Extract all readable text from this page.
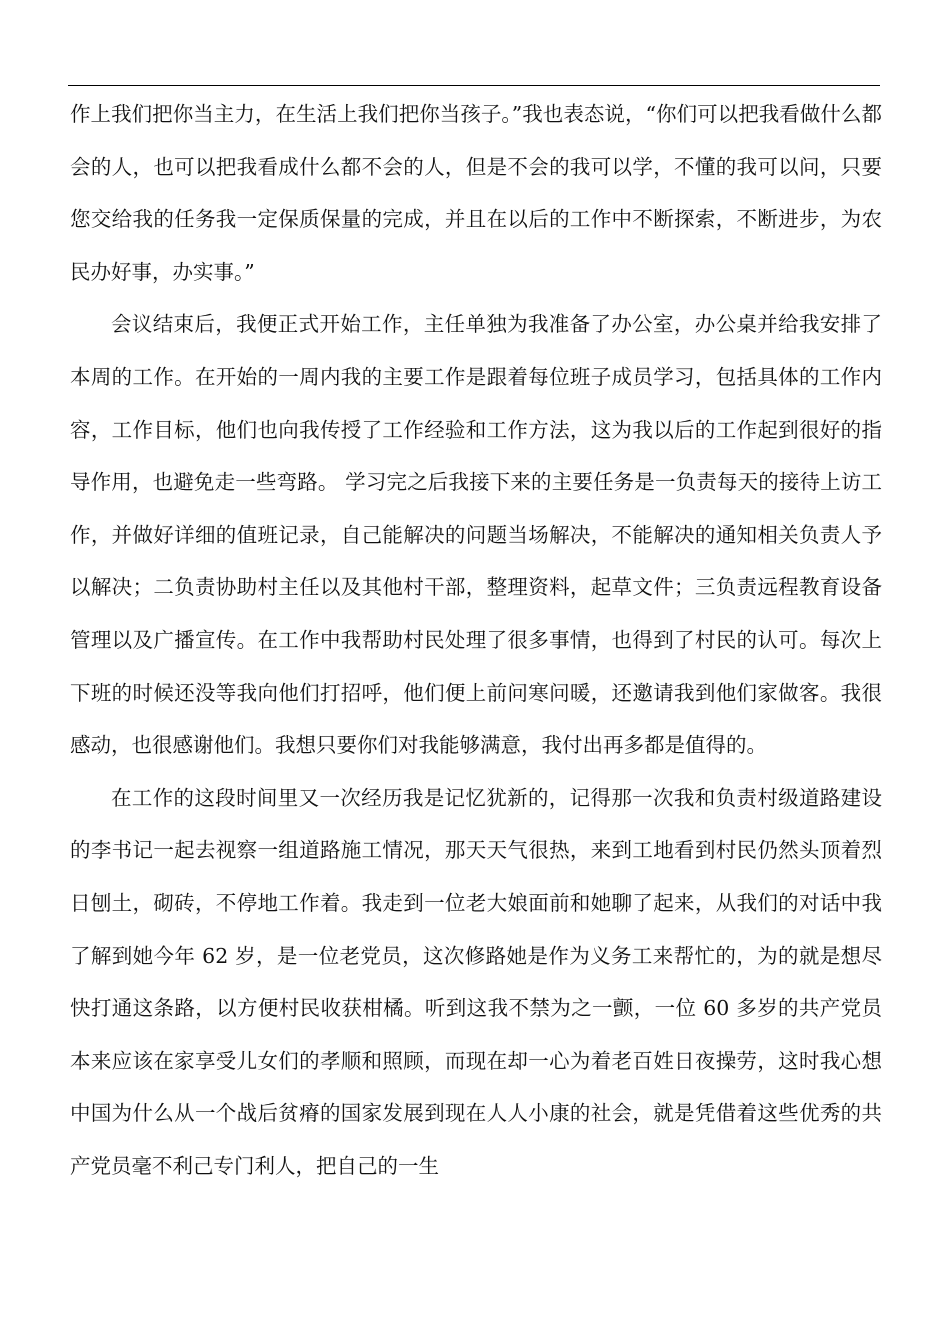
作上我们把你当主力，在生活上我们把你当孩子。”我也表态说，“你们可以把我看做什么都会的人，也可以把我看成什么都不会的人，但是不会的我可以学，不懂的我可以问，只要您交给我的任务我一定保质保量的完成，并且在以后的工作中不断探索，不断进步，为农民办好事，办实事。”

会议结束后，我便正式开始工作，主任单独为我准备了办公室，办公桌并给我安排了本周的工作。在开始的一周内我的主要工作是跟着每位班子成员学习，包括具体的工作内容，工作目标，他们也向我传授了工作经验和工作方法，这为我以后的工作起到很好的指导作用，也避免走一些弯路。 学习完之后我接下来的主要任务是一负责每天的接待上访工作，并做好详细的值班记录，自己能解决的问题当场解决，不能解决的通知相关负责人予以解决；二负责协助村主任以及其他村干部，整理资料，起草文件；三负责远程教育设备管理以及广播宣传。在工作中我帮助村民处理了很多事情，也得到了村民的认可。每次上下班的时候还没等我向他们打招呼，他们便上前问寒问暖，还邀请我到他们家做客。我很感动，也很感谢他们。我想只要你们对我能够满意，我付出再多都是值得的。

在工作的这段时间里又一次经历我是记忆犹新的，记得那一次我和负责村级道路建设的李书记一起去视察一组道路施工情况，那天天气很热，来到工地看到村民仍然头顶着烈日刨土，砌砖，不停地工作着。我走到一位老大娘面前和她聊了起来，从我们的对话中我了解到她今年 62 岁，是一位老党员，这次修路她是作为义务工来帮忙的，为的就是想尽快打通这条路，以方便村民收获柑橘。听到这我不禁为之一颤，一位 60 多岁的共产党员本来应该在家享受儿女们的孝顺和照顾，而现在却一心为着老百姓日夜操劳，这时我心想中国为什么从一个战后贫瘠的国家发展到现在人人小康的社会，就是凭借着这些优秀的共产党员毫不利己专门利人，把自己的一生
